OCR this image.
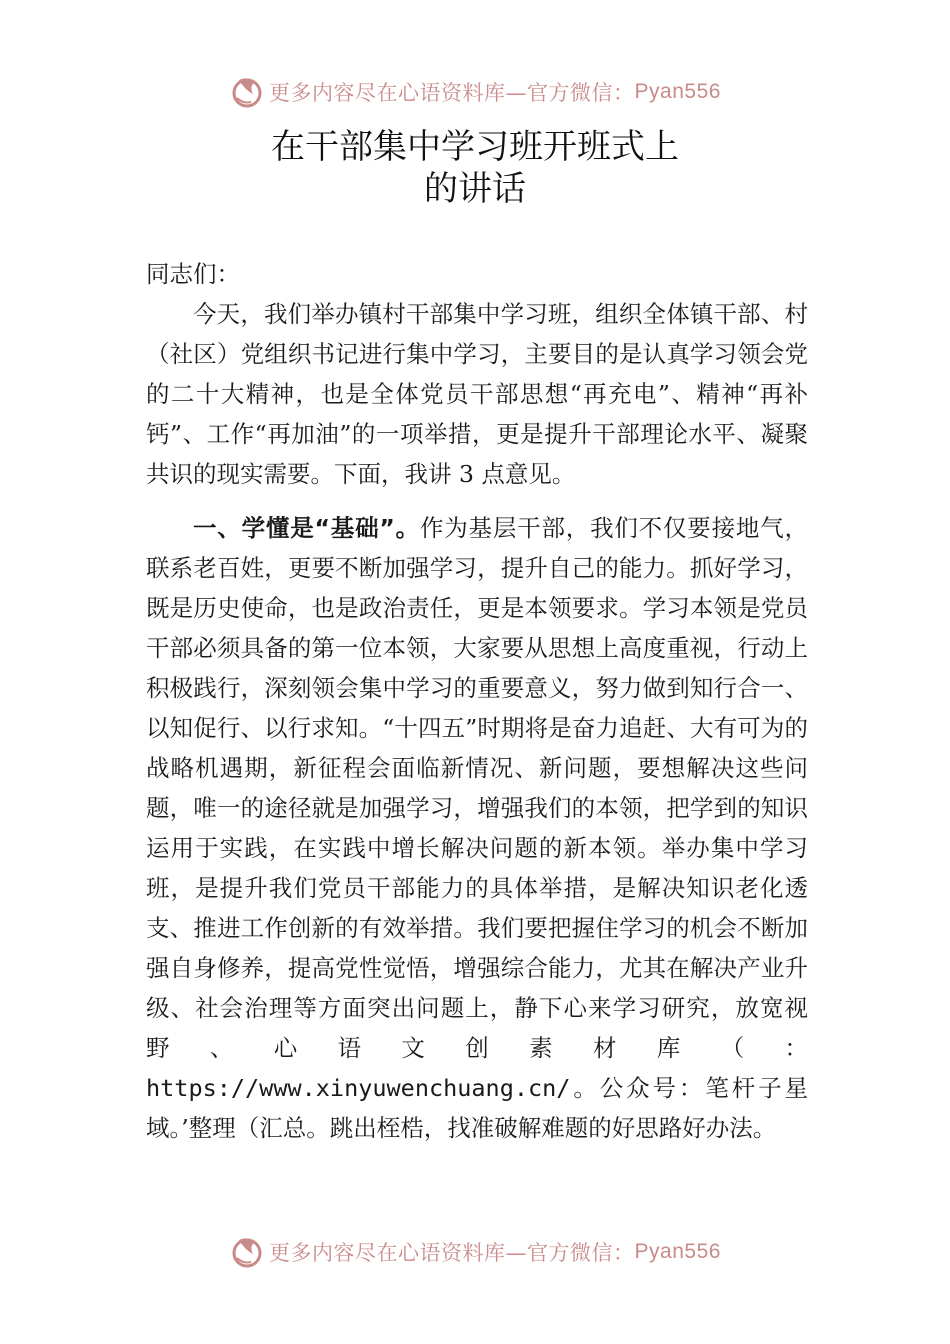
更多内容尽在心语资料库—官方微信： Pyan556
在干部集中学习班开班式上
的讲话
同志们：

今天，我们举办镇村干部集中学习班，组织全体镇干部、村（社区）党组织书记进行集中学习，主要目的是认真学习领会党的二十大精神，也是全体党员干部思想“再充电”、精神“再补钙”、工作“再加油”的一项举措，更是提升干部理论水平、凝聚共识的现实需要。下面，我讲 3 点意见。

一、学懂是“基础”。作为基层干部，我们不仅要接地气，联系老百姓，更要不断加强学习，提升自己的能力。抓好学习，既是历史使命，也是政治责任，更是本领要求。学习本领是党员干部必须具备的第一位本领，大家要从思想上高度重视，行动上积极践行，深刻领会集中学习的重要意义，努力做到知行合一、以知促行、以行求知。“十四五”时期将是奋力追赶、大有可为的战略机遇期，新征程会面临新情况、新问题，要想解决这些问题，唯一的途径就是加强学习，增强我们的本领，把学到的知识运用于实践，在实践中增长解决问题的新本领。举办集中学习班，是提升我们党员干部能力的具体举措，是解决知识老化透支、推进工作创新的有效举措。我们要把握住学习的机会不断加强自身修养，提高党性觉悟，增强综合能力，尤其在解决产业升级、社会治理等方面突出问题上，静下心来学习研究，放宽视野、心语文创素材库（：https://www.xinyuwenchuang.cn/。公众号：笔杆子星域。’整理（汇总。跳出桎梏，找准破解难题的好思路好办法。

更多内容尽在心语资料库—官方微信： Pyan556
